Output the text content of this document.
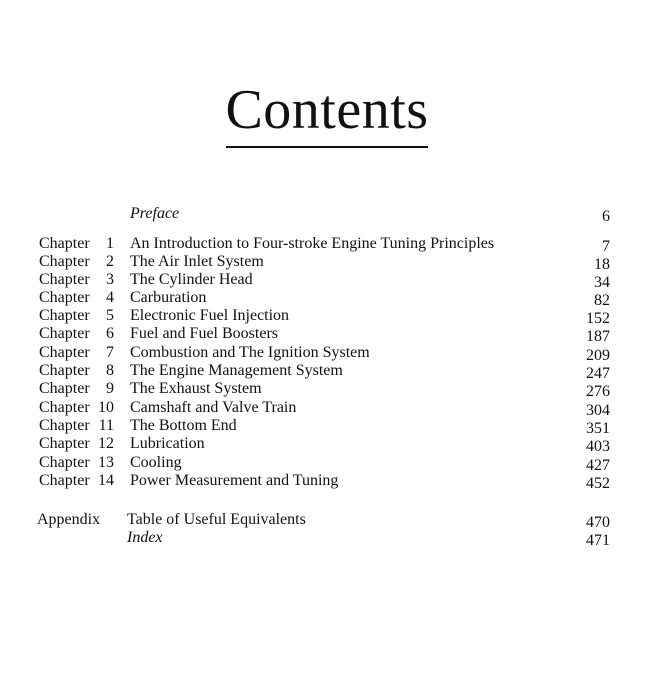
Contents
Preface	6
Chapter	1 An Introduction to Four-stroke Engine Tuning Principles	7
Chapter	2 The Air Inlet System	18
Chapter	3 The Cylinder Head	34
Chapter	4 Carburation	82
Chapter	5 Electronic Fuel Injection	152
Chapter	6 Fuel and Fuel Boosters	187
Chapter	7 Combustion and The Ignition System	209
Chapter	8 The Engine Management System	247
Chapter	9 The Exhaust System	276
Chapter 10 Camshaft and Valve Train	304
Chapter 11 The Bottom End	351
Chapter 12 Lubrication	403
Chapter 13 Cooling	427
Chapter 14 Power Measurement and Tuning	452
Appendix Table of Useful Equivalents	470
Index	471
